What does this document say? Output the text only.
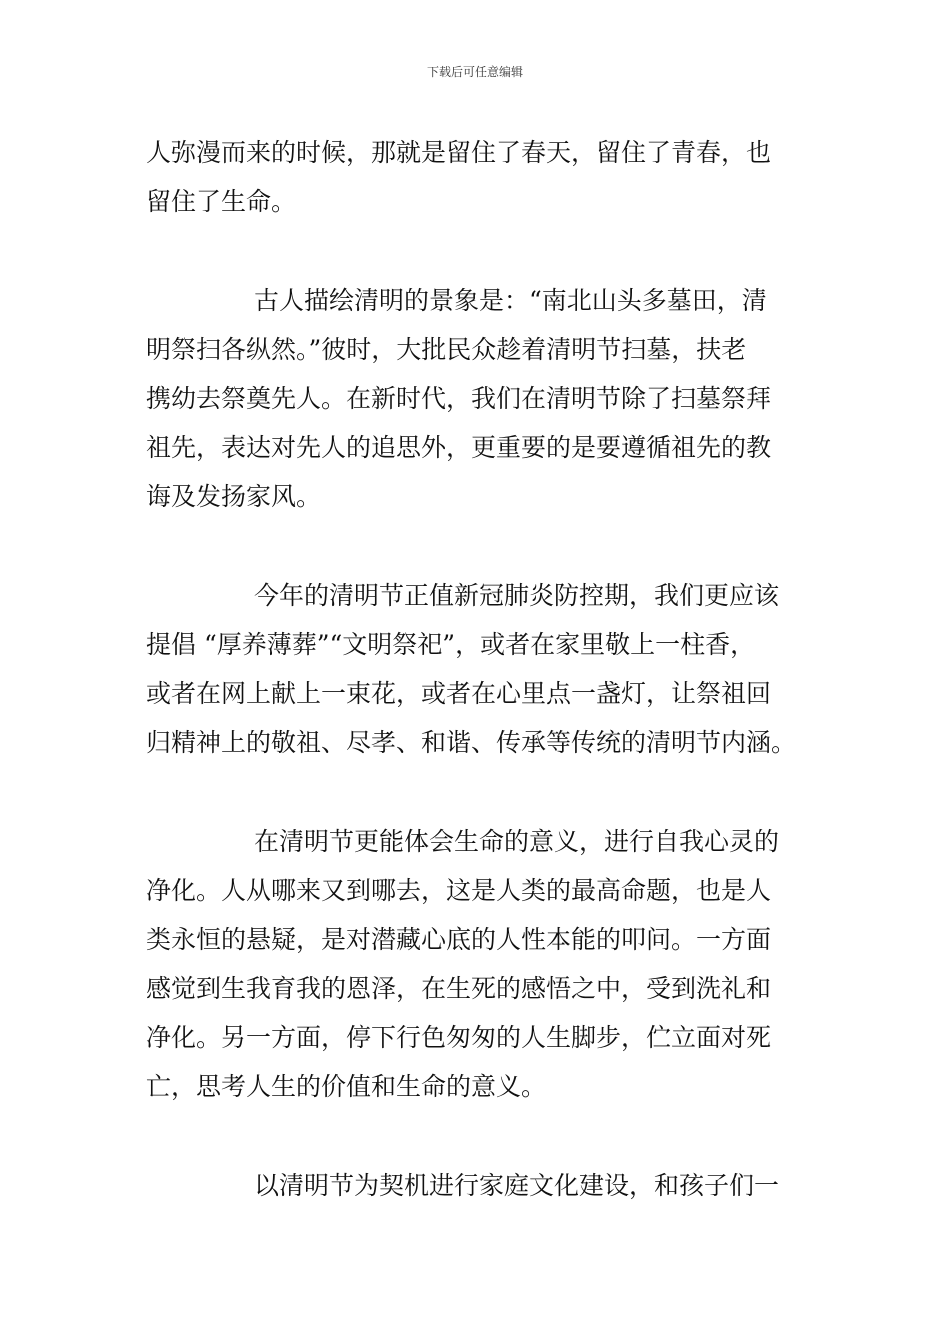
下载后可任意编辑
人弥漫而来的时候，那就是留住了春天，留住了青春，也
留住了生命。
古人描绘清明的景象是：“南北山头多墓田，清
明祭扫各纵然。”彼时，大批民众趁着清明节扫墓，扶老
携幼去祭奠先人。在新时代，我们在清明节除了扫墓祭拜
祖先，表达对先人的追思外，更重要的是要遵循祖先的教
诲及发扬家风。
今年的清明节正值新冠肺炎防控期，我们更应该
提倡 “厚养薄葬”“文明祭祀”，或者在家里敬上一柱香，
或者在网上献上一束花，或者在心里点一盏灯，让祭祖回
归精神上的敬祖、尽孝、和谐、传承等传统的清明节内涵。
在清明节更能体会生命的意义，进行自我心灵的
净化。人从哪来又到哪去，这是人类的最高命题，也是人
类永恒的悬疑，是对潜藏心底的人性本能的叩问。一方面
感觉到生我育我的恩泽，在生死的感悟之中，受到洗礼和
净化。另一方面，停下行色匆匆的人生脚步，伫立面对死
亡，思考人生的价值和生命的意义。
以清明节为契机进行家庭文化建设，和孩子们一
